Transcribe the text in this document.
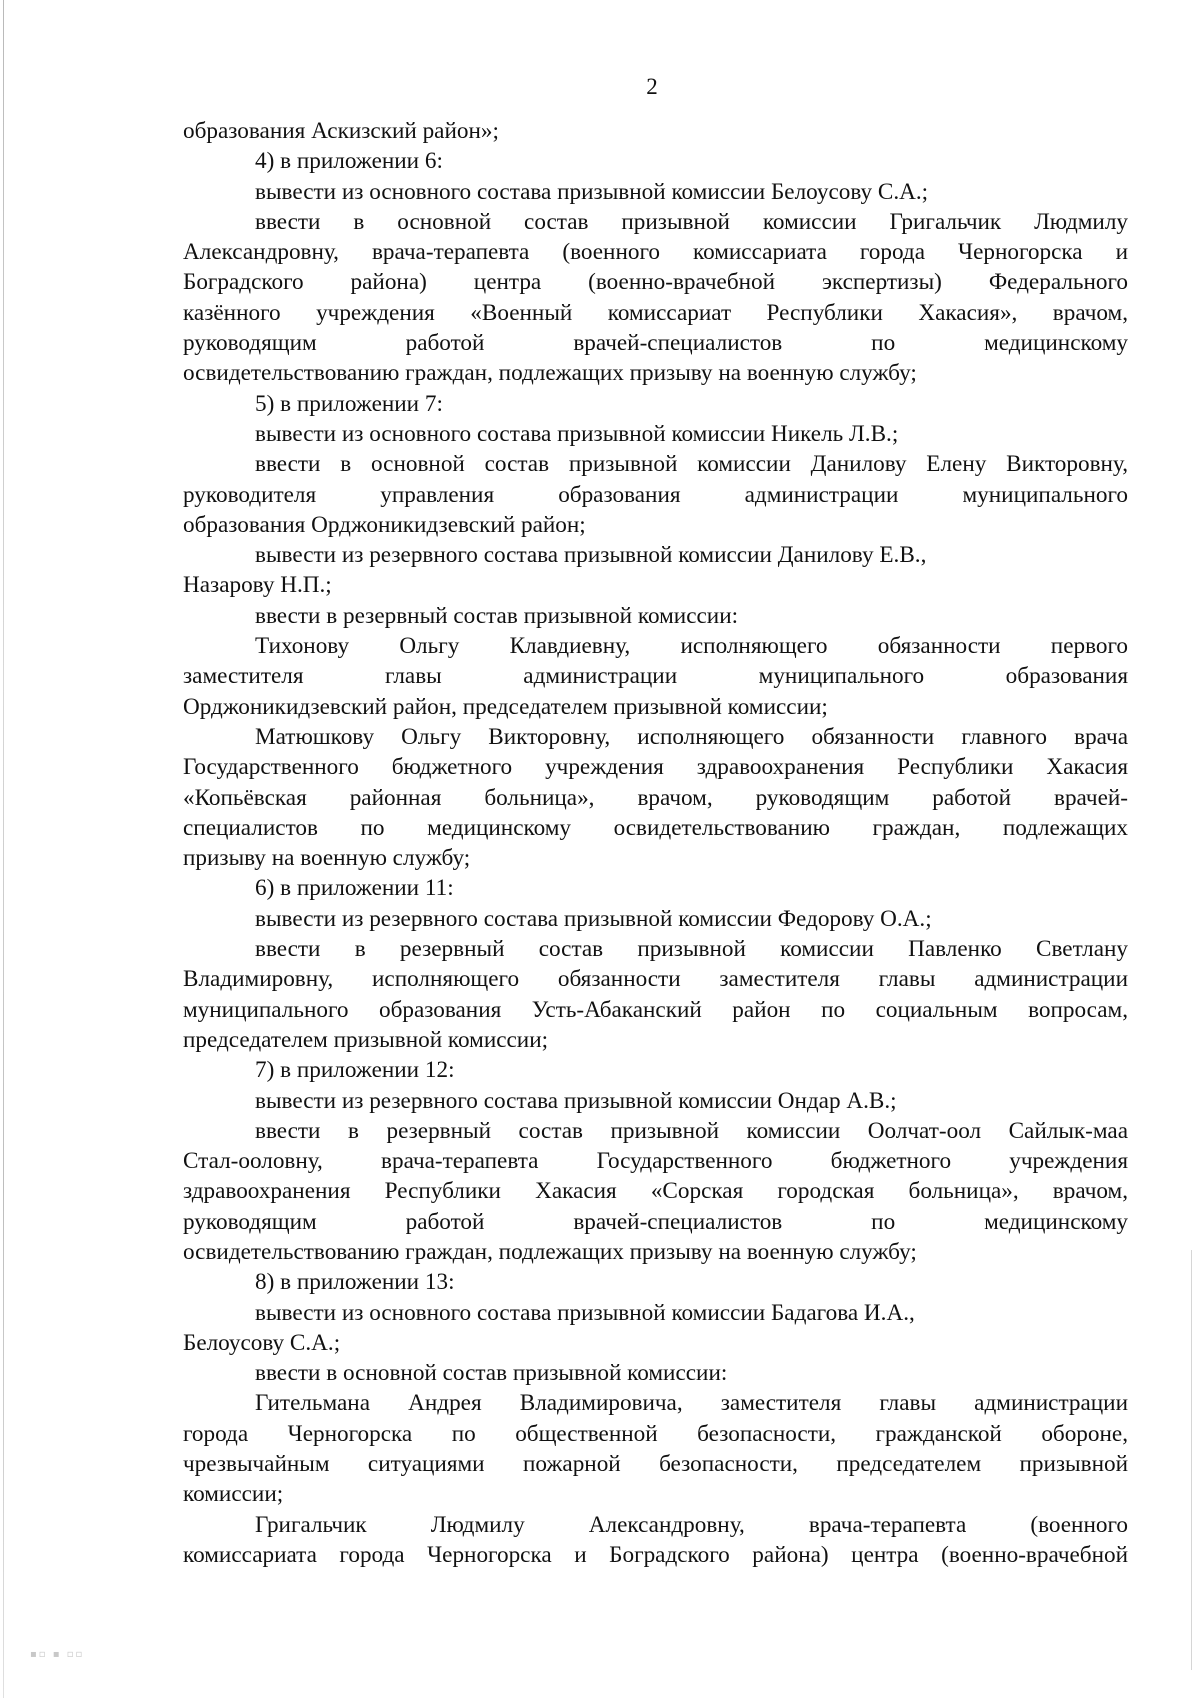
2
образования Аскизский район»;
4) в приложении 6:
вывести из основного состава призывной комиссии Белоусову С.А.;
ввести в основной состав призывной комиссии Григальчик Людмилу
Александровну, врача-терапевта (военного комиссариата города Черногорска и
Боградского района) центра (военно-врачебной экспертизы) Федерального
казённого учреждения «Военный комиссариат Республики Хакасия», врачом,
руководящим работой врачей-специалистов по медицинскому
освидетельствованию граждан, подлежащих призыву на военную службу;
5) в приложении 7:
вывести из основного состава призывной комиссии Никель Л.В.;
ввести в основной состав призывной комиссии Данилову Елену Викторовну,
руководителя управления образования администрации муниципального
образования Орджоникидзевский район;
вывести из резервного состава призывной комиссии Данилову Е.В.,
Назарову Н.П.;
ввести в резервный состав призывной комиссии:
Тихонову Ольгу Клавдиевну, исполняющего обязанности первого
заместителя главы администрации муниципального образования
Орджоникидзевский район, председателем призывной комиссии;
Матюшкову Ольгу Викторовну, исполняющего обязанности главного врача
Государственного бюджетного учреждения здравоохранения Республики Хакасия
«Копьёвская районная больница», врачом, руководящим работой врачей-
специалистов по медицинскому освидетельствованию граждан, подлежащих
призыву на военную службу;
6) в приложении 11:
вывести из резервного состава призывной комиссии Федорову О.А.;
ввести в резервный состав призывной комиссии Павленко Светлану
Владимировну, исполняющего обязанности заместителя главы администрации
муниципального образования Усть-Абаканский район по социальным вопросам,
председателем призывной комиссии;
7) в приложении 12:
вывести из резервного состава призывной комиссии Ондар А.В.;
ввести в резервный состав призывной комиссии Оолчат-оол Сайлык-маа
Стал-ооловну, врача-терапевта Государственного бюджетного учреждения
здравоохранения Республики Хакасия «Сорская городская больница», врачом,
руководящим работой врачей-специалистов по медицинскому
освидетельствованию граждан, подлежащих призыву на военную службу;
8) в приложении 13:
вывести из основного состава призывной комиссии Бадагова И.А.,
Белоусову С.А.;
ввести в основной состав призывной комиссии:
Гительмана Андрея Владимировича, заместителя главы администрации
города Черногорска по общественной безопасности, гражданской обороне,
чрезвычайным ситуациями пожарной безопасности, председателем призывной
комиссии;
Григальчик Людмилу Александровну, врача-терапевта (военного
комиссариата города Черногорска и Боградского района) центра (военно-врачебной
▪▫ ▪ ▫▫
